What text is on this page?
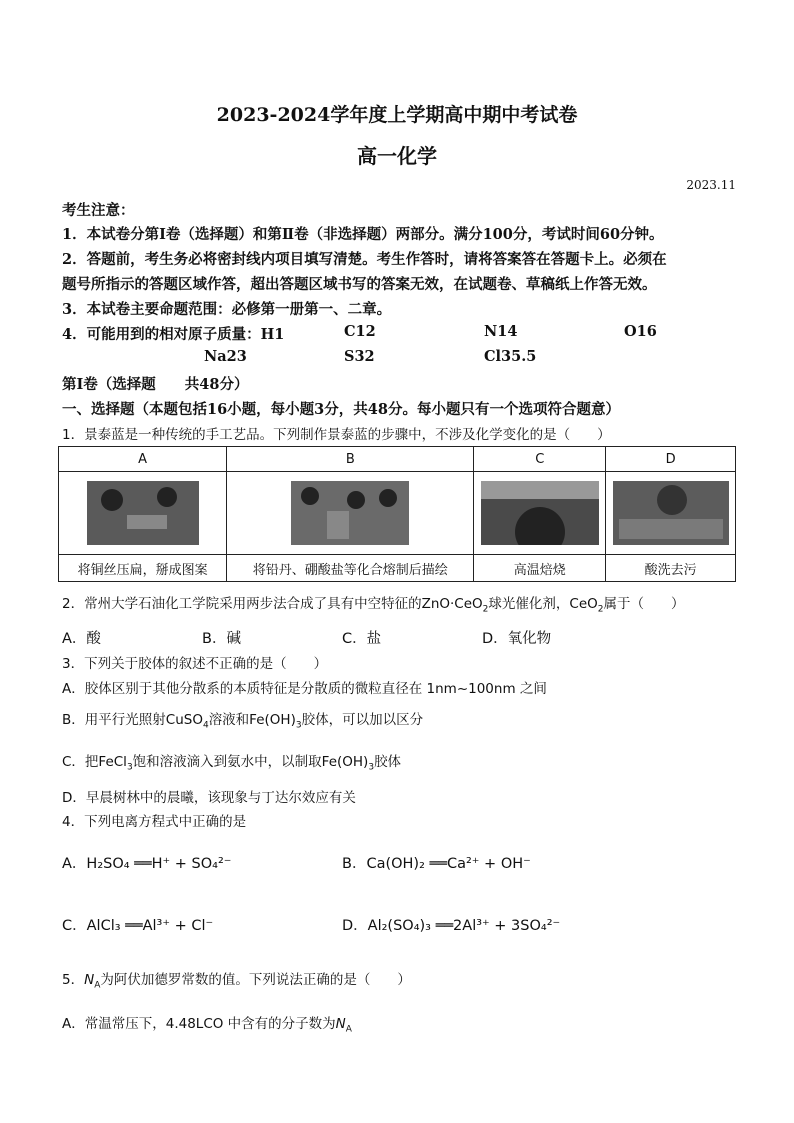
2023-2024学年度上学期高中期中考试卷
高一化学
2023.11
考生注意：
1．本试卷分第Ⅰ卷（选择题）和第Ⅱ卷（非选择题）两部分。满分100分，考试时间60分钟。
2．答题前，考生务必将密封线内项目填写清楚。考生作答时，请将答案答在答题卡上。必须在
题号所指示的答题区域作答，超出答题区域书写的答案无效，在试题卷、草稿纸上作答无效。
3．本试卷主要命题范围：必修第一册第一、二章。
4．可能用到的相对原子质量：H1	C12	N14	O16
Na23	S32	Cl35.5
第Ⅰ卷（选择题　　共48分）
一、选择题（本题包括16小题，每小题3分，共48分。每小题只有一个选项符合题意）
1．景泰蓝是一种传统的手工艺品。下列制作景泰蓝的步骤中，不涉及化学变化的是（　　）
A	B	C	D

将铜丝压扁，掰成图案	将铅丹、硼酸盐等化合熔制后描绘	高温焙烧	酸洗去污
2．常州大学石油化工学院采用两步法合成了具有中空特征的ZnO·CeO$_2$球光催化剂，CeO$_2$属于（　　）
A．酸	B．碱	C．盐	D．氧化物
3．下列关于胶体的叙述不正确的是（　　）
A．胶体区别于其他分散系的本质特征是分散质的微粒直径在 1nm~100nm 之间
B．用平行光照射CuSO$_4$溶液和$Fe(OH)_3$胶体，可以加以区分
C．把FeCl$_3$饱和溶液滴入到氨水中，以制取$Fe(OH)_3$胶体
D．早晨树林中的晨曦，该现象与丁达尔效应有关
4．下列电离方程式中正确的是
A．H₂SO₄ ══H⁺ + SO₄²⁻	B．Ca(OH)₂ ══Ca²⁺ + OH⁻
C．AlCl₃ ══Al³⁺ + Cl⁻	D．Al₂(SO₄)₃ ══2Al³⁺ + 3SO₄²⁻
5．$N_A$为阿伏加德罗常数的值。下列说法正确的是（　　）
A．常温常压下，4.48LCO 中含有的分子数为$N_A$
